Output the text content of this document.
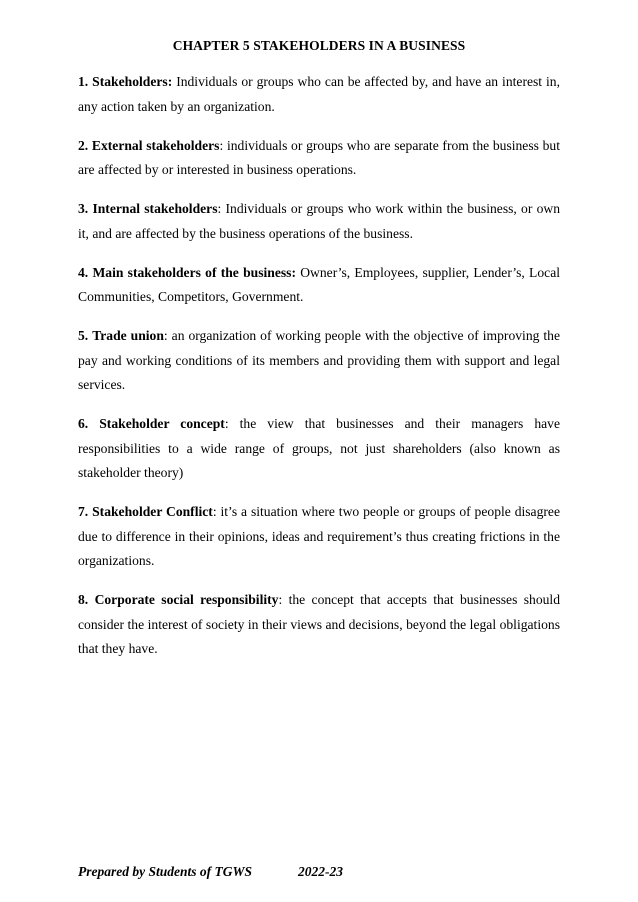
CHAPTER 5 STAKEHOLDERS IN A BUSINESS

1. Stakeholders: Individuals or groups who can be affected by, and have an interest in, any action taken by an organization.

2. External stakeholders: individuals or groups who are separate from the business but are affected by or interested in business operations.

3. Internal stakeholders: Individuals or groups who work within the business, or own it, and are affected by the business operations of the business.

4. Main stakeholders of the business: Owner’s, Employees, supplier, Lender’s, Local Communities, Competitors, Government.

5. Trade union: an organization of working people with the objective of improving the pay and working conditions of its members and providing them with support and legal services.

6. Stakeholder concept: the view that businesses and their managers have responsibilities to a wide range of groups, not just shareholders (also known as stakeholder theory)

7. Stakeholder Conflict: it’s a situation where two people or groups of people disagree due to difference in their opinions, ideas and requirement’s thus creating frictions in the organizations.

8. Corporate social responsibility: the concept that accepts that businesses should consider the interest of society in their views and decisions, beyond the legal obligations that they have.

Prepared by Students of TGWS	2022-23
